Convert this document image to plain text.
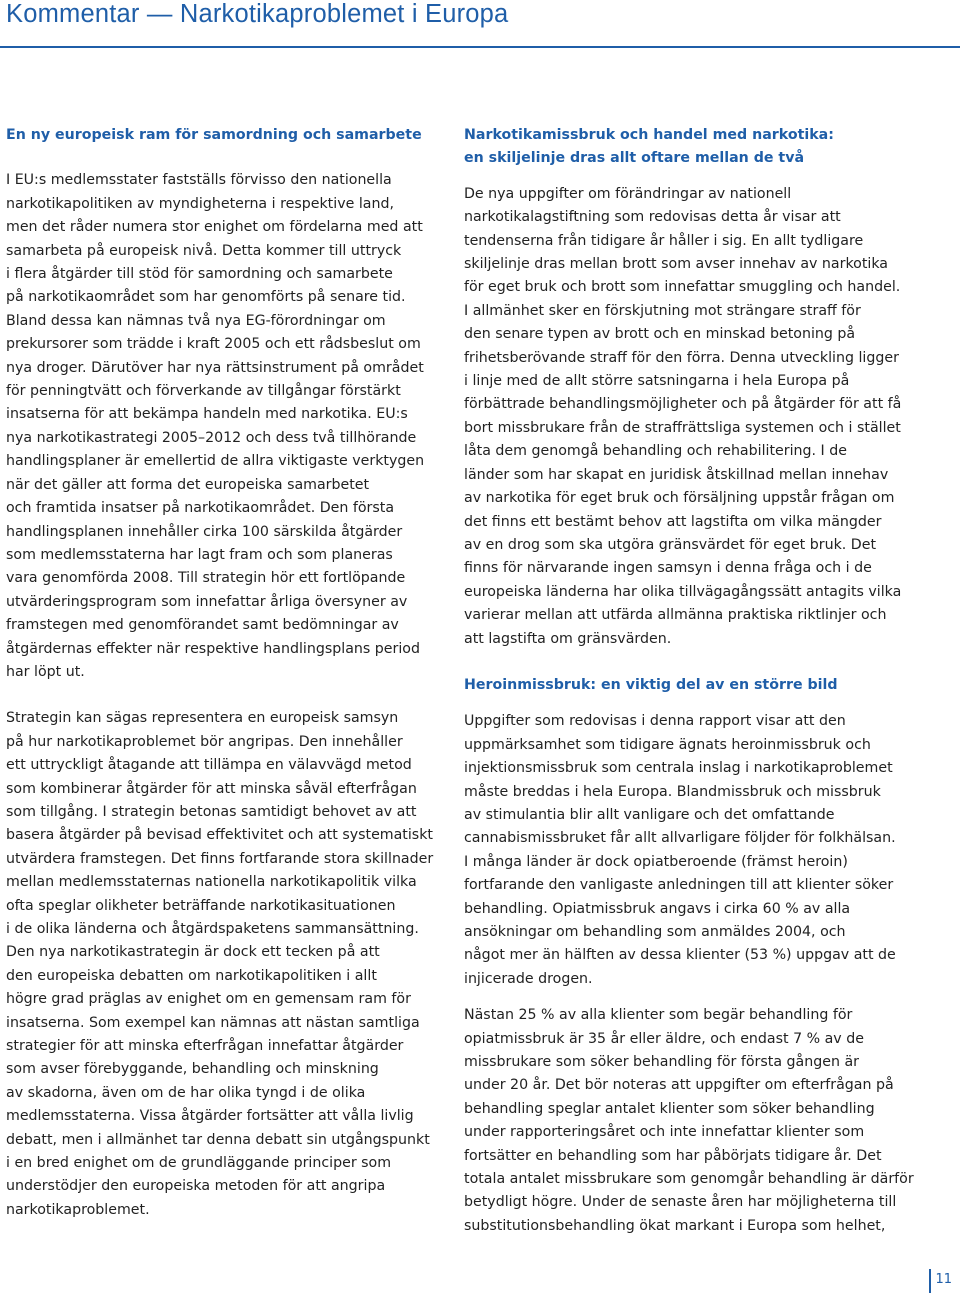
Kommentar — Narkotikaproblemet i Europa
En ny europeisk ram för samordning och samarbete

I EU:s medlemsstater fastställs förvisso den nationella
narkotikapolitiken av myndigheterna i respektive land,
men det råder numera stor enighet om fördelarna med att
samarbeta på europeisk nivå. Detta kommer till uttryck
i flera åtgärder till stöd för samordning och samarbete
på narkotikaområdet som har genomförts på senare tid.
Bland dessa kan nämnas två nya EG-förordningar om
prekursorer som trädde i kraft 2005 och ett rådsbeslut om
nya droger. Därutöver har nya rättsinstrument på området
för penningtvätt och förverkande av tillgångar förstärkt
insatserna för att bekämpa handeln med narkotika. EU:s
nya narkotikastrategi 2005–2012 och dess två tillhörande
handlingsplaner är emellertid de allra viktigaste verktygen
när det gäller att forma det europeiska samarbetet
och framtida insatser på narkotikaområdet. Den första
handlingsplanen innehåller cirka 100 särskilda åtgärder
som medlemsstaterna har lagt fram och som planeras
vara genomförda 2008. Till strategin hör ett fortlöpande
utvärderingsprogram som innefattar årliga översyner av
framstegen med genomförandet samt bedömningar av
åtgärdernas effekter när respektive handlingsplans period
har löpt ut.

Strategin kan sägas representera en europeisk samsyn
på hur narkotikaproblemet bör angripas. Den innehåller
ett uttryckligt åtagande att tillämpa en välavvägd metod
som kombinerar åtgärder för att minska såväl efterfrågan
som tillgång. I strategin betonas samtidigt behovet av att
basera åtgärder på bevisad effektivitet och att systematiskt
utvärdera framstegen. Det finns fortfarande stora skillnader
mellan medlemsstaternas nationella narkotikapolitik vilka
ofta speglar olikheter beträffande narkotikasituationen
i de olika länderna och åtgärdspaketens sammansättning.
Den nya narkotikastrategin är dock ett tecken på att
den europeiska debatten om narkotikapolitiken i allt
högre grad präglas av enighet om en gemensam ram för
insatserna. Som exempel kan nämnas att nästan samtliga
strategier för att minska efterfrågan innefattar åtgärder
som avser förebyggande, behandling och minskning
av skadorna, även om de har olika tyngd i de olika
medlemsstaterna. Vissa åtgärder fortsätter att vålla livlig
debatt, men i allmänhet tar denna debatt sin utgångspunkt
i en bred enighet om de grundläggande principer som
understödjer den europeiska metoden för att angripa
narkotikaproblemet.

Narkotikamissbruk och handel med narkotika:
en skiljelinje dras allt oftare mellan de två

De nya uppgifter om förändringar av nationell
narkotikalagstiftning som redovisas detta år visar att
tendenserna från tidigare år håller i sig. En allt tydligare
skiljelinje dras mellan brott som avser innehav av narkotika
för eget bruk och brott som innefattar smuggling och handel.
I allmänhet sker en förskjutning mot strängare straff för
den senare typen av brott och en minskad betoning på
frihetsberövande straff för den förra. Denna utveckling ligger
i linje med de allt större satsningarna i hela Europa på
förbättrade behandlingsmöjligheter och på åtgärder för att få
bort missbrukare från de straffrättsliga systemen och i stället
låta dem genomgå behandling och rehabilitering. I de
länder som har skapat en juridisk åtskillnad mellan innehav
av narkotika för eget bruk och försäljning uppstår frågan om
det finns ett bestämt behov att lagstifta om vilka mängder
av en drog som ska utgöra gränsvärdet för eget bruk. Det
finns för närvarande ingen samsyn i denna fråga och i de
europeiska länderna har olika tillvägagångssätt antagits vilka
varierar mellan att utfärda allmänna praktiska riktlinjer och
att lagstifta om gränsvärden.

Heroinmissbruk: en viktig del av en större bild

Uppgifter som redovisas i denna rapport visar att den
uppmärksamhet som tidigare ägnats heroinmissbruk och
injektionsmissbruk som centrala inslag i narkotikaproblemet
måste breddas i hela Europa. Blandmissbruk och missbruk
av stimulantia blir allt vanligare och det omfattande
cannabismissbruket får allt allvarligare följder för folkhälsan.
I många länder är dock opiatberoende (främst heroin)
fortfarande den vanligaste anledningen till att klienter söker
behandling. Opiatmissbruk angavs i cirka 60 % av alla
ansökningar om behandling som anmäldes 2004, och
något mer än hälften av dessa klienter (53 %) uppgav att de
injicerade drogen.

Nästan 25 % av alla klienter som begär behandling för
opiatmissbruk är 35 år eller äldre, och endast 7 % av de
missbrukare som söker behandling för första gången är
under 20 år. Det bör noteras att uppgifter om efterfrågan på
behandling speglar antalet klienter som söker behandling
under rapporteringsåret och inte innefattar klienter som
fortsätter en behandling som har påbörjats tidigare år. Det
totala antalet missbrukare som genomgår behandling är därför
betydligt högre. Under de senaste åren har möjligheterna till
substitutionsbehandling ökat markant i Europa som helhet,

11
